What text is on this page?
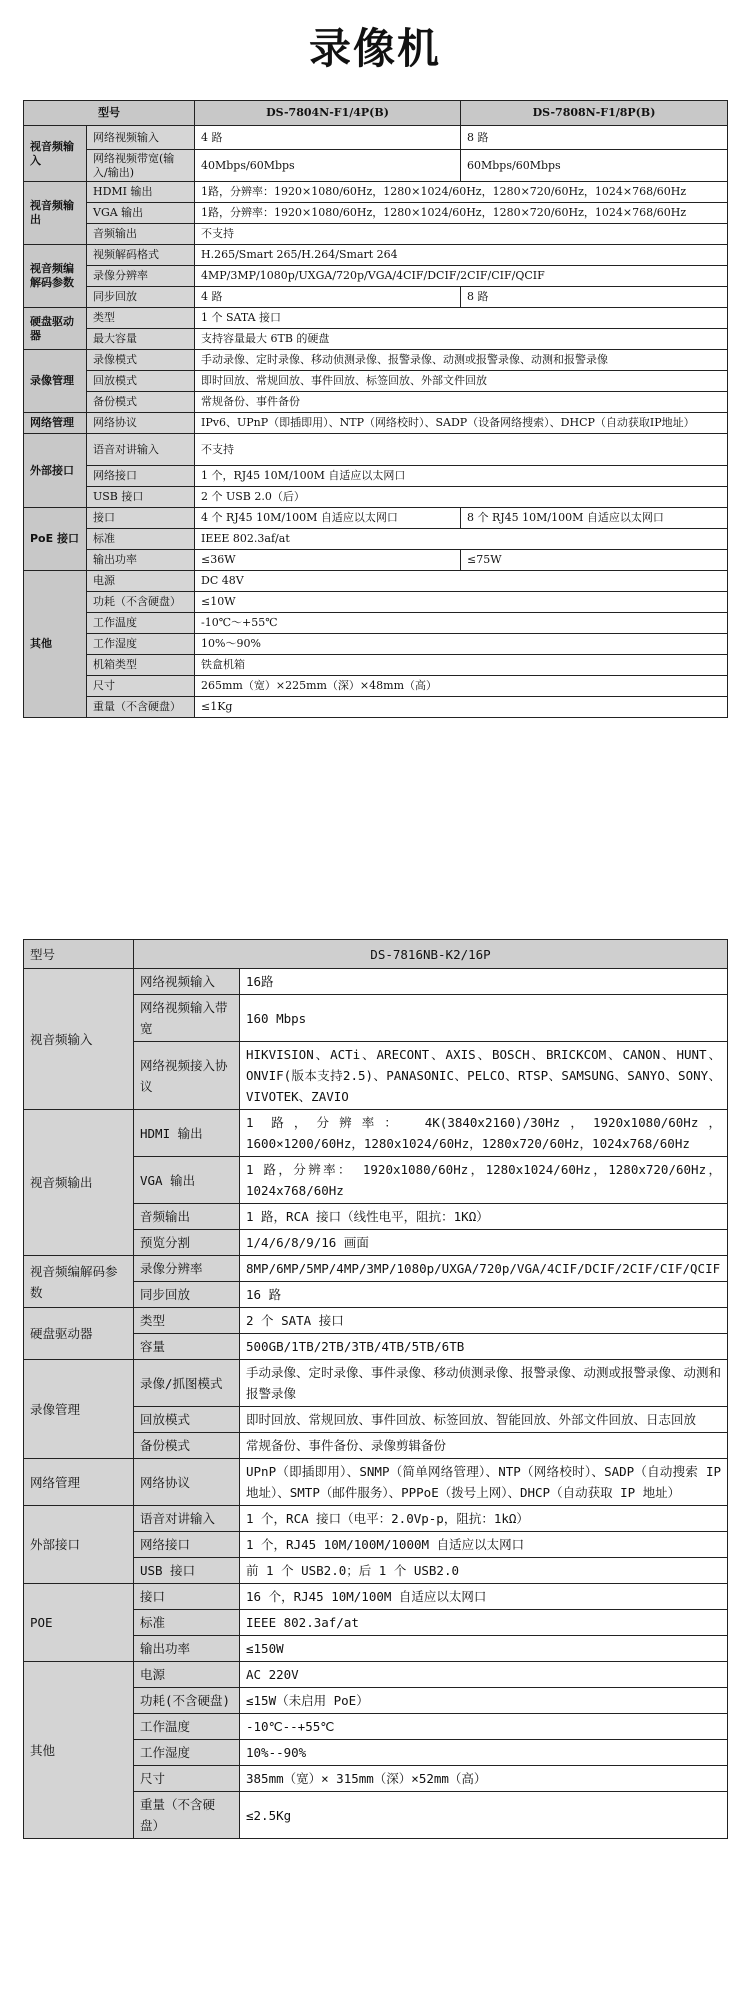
录像机
型号		DS-7804N-F1/4P(B)	DS-7808N-F1/8P(B)
视音频输入	网络视频输入	4 路	8 路
	网络视频带宽(输入/输出)	40Mbps/60Mbps	60Mbps/60Mbps
视音频输出	HDMI 输出	1路，分辨率：1920×1080/60Hz，1280×1024/60Hz，1280×720/60Hz，1024×768/60Hz	
	VGA 输出	1路，分辨率：1920×1080/60Hz，1280×1024/60Hz，1280×720/60Hz，1024×768/60Hz	
	音频输出	不支持	
视音频编解码参数	视频解码格式	H.265/Smart 265/H.264/Smart 264	
	录像分辨率	4MP/3MP/1080p/UXGA/720p/VGA/4CIF/DCIF/2CIF/CIF/QCIF	
	同步回放	4 路	8 路
硬盘驱动器	类型	1 个 SATA 接口	
	最大容量	支持容量最大 6TB 的硬盘	
录像管理	录像模式	手动录像、定时录像、移动侦测录像、报警录像、动测或报警录像、动测和报警录像	
	回放模式	即时回放、常规回放、事件回放、标签回放、外部文件回放	
	备份模式	常规备份、事件备份	
网络管理	网络协议	IPv6、UPnP（即插即用）、NTP（网络校时）、SADP（设备网络搜索）、DHCP（自动获取IP地址）	
外部接口	语音对讲输入	不支持	
	网络接口	1 个，RJ45 10M/100M 自适应以太网口	
	USB 接口	2 个 USB 2.0（后）	
PoE 接口	接口	4 个 RJ45 10M/100M 自适应以太网口	8 个 RJ45 10M/100M 自适应以太网口
	标准	IEEE 802.3af/at	
	输出功率	≤36W	≤75W
其他	电源	DC 48V	
	功耗（不含硬盘）	≤10W	
	工作温度	-10℃～+55℃	
	工作湿度	10%～90%	
	机箱类型	铁盒机箱	
	尺寸	265mm（宽）×225mm（深）×48mm（高）	
	重量（不含硬盘）	≤1Kg	
型号	DS-7816NB-K2/16P	
视音频输入	网络视频输入	16路
	网络视频输入带宽	160 Mbps
	网络视频接入协议	HIKVISION、ACTi、ARECONT、AXIS、BOSCH、BRICKCOM、CANON、HUNT、ONVIF(版本支持2.5)、PANASONIC、PELCO、RTSP、SAMSUNG、SANYO、SONY、VIVOTEK、ZAVIO
视音频输出	HDMI 输出	1 路，分辨率： 4K(3840x2160)/30Hz，1920x1080/60Hz，1600×1200/60Hz，1280x1024/60Hz，1280x720/60Hz，1024x768/60Hz
	VGA 输出	1 路，分辨率： 1920x1080/60Hz，1280x1024/60Hz，1280x720/60Hz，1024x768/60Hz
	音频输出	1 路，RCA 接口（线性电平，阻抗：1KΩ）
	预览分割	1/4/6/8/9/16 画面
视音频编解码参数	录像分辨率	8MP/6MP/5MP/4MP/3MP/1080p/UXGA/720p/VGA/4CIF/DCIF/2CIF/CIF/QCIF
	同步回放	16 路
硬盘驱动器	类型	2 个 SATA 接口
	容量	500GB/1TB/2TB/3TB/4TB/5TB/6TB
录像管理	录像/抓图模式	手动录像、定时录像、事件录像、移动侦测录像、报警录像、动测或报警录像、动测和报警录像
	回放模式	即时回放、常规回放、事件回放、标签回放、智能回放、外部文件回放、日志回放
	备份模式	常规备份、事件备份、录像剪辑备份
网络管理	网络协议	UPnP（即插即用）、SNMP（简单网络管理）、NTP（网络校时）、SADP（自动搜索 IP 地址）、SMTP（邮件服务）、PPPoE（拨号上网）、DHCP（自动获取 IP 地址）
外部接口	语音对讲输入	1 个，RCA 接口（电平：2.0Vp-p，阻抗：1kΩ）
	网络接口	1 个，RJ45 10M/100M/1000M 自适应以太网口
	USB 接口	前 1 个 USB2.0；后 1 个 USB2.0
POE	接口	16 个，RJ45 10M/100M 自适应以太网口
	标准	IEEE 802.3af/at
	输出功率	≤150W
其他	电源	AC 220V
	功耗(不含硬盘)	≤15W（未启用 PoE）
	工作温度	-10℃--+55℃
	工作湿度	10%--90%
	尺寸	385mm（宽）× 315mm（深）×52mm（高）
	重量（不含硬盘）	≤2.5Kg
